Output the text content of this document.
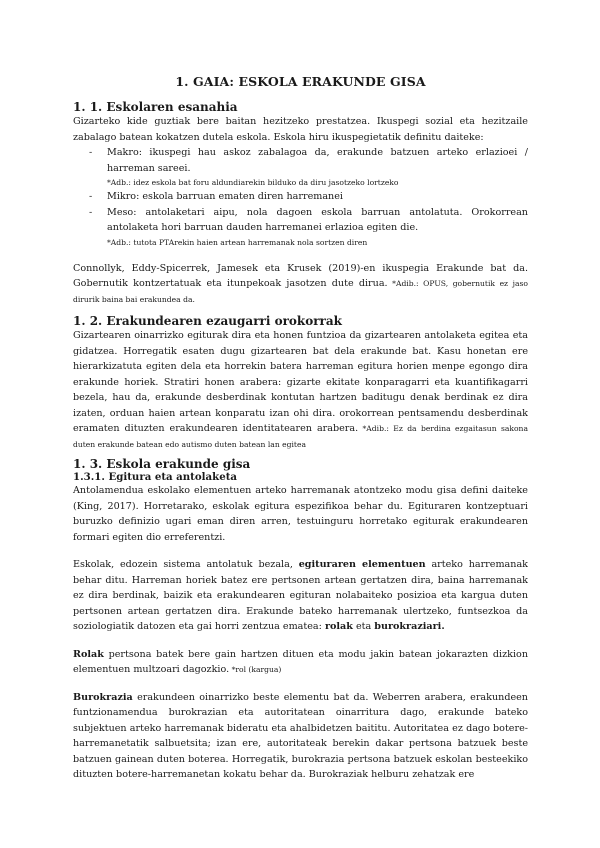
1. GAIA: ESKOLA ERAKUNDE GISA
1. 1. Eskolaren esanahia

Gizarteko kide guztiak bere baitan hezitzeko prestatzea. Ikuspegi sozial eta hezitzaile zabalago batean kokatzen dutela eskola. Eskola hiru ikuspegietatik definitu daiteke:

- Makro: ikuspegi hau askoz zabalagoa da, erakunde batzuen arteko erlazioei / harreman sareei.
*Adb.: idez eskola bat foru aldundiarekin bilduko da diru jasotzeko lortzeko
- Mikro: eskola barruan ematen diren harremanei
- Meso: antolaketari aipu, nola dagoen eskola barruan antolatuta. Orokorrean antolaketa hori barruan dauden harremanei erlazioa egiten die.
*Adb.: tutota PTArekin haien artean harremanak nola sortzen diren

Connollyk, Eddy-Spicerrek, Jamesek eta Krusek (2019)-en ikuspegia Erakunde bat da. Gobernutik kontzertatuak eta itunpekoak jasotzen dute dirua. *Adib.: OPUS, gobernutik ez jaso dirurik baina bai erakundea da.

1. 2. Erakundearen ezaugarri orokorrak

Gizartearen oinarrizko egiturak dira eta honen funtzioa da gizartearen antolaketa egitea eta gidatzea. Horregatik esaten dugu gizartearen bat dela erakunde bat. Kasu honetan ere hierarkizatuta egiten dela eta horrekin batera harreman egitura horien menpe egongo dira erakunde horiek. Stratiri honen arabera: gizarte ekitate konparagarri eta kuantifikagarri bezela, hau da, erakunde desberdinak kontutan hartzen baditugu denak berdinak ez dira izaten, orduan haien artean konparatu izan ohi dira. orokorrean pentsamendu desberdinak eramaten dituzten erakundearen identitatearen arabera. *Adib.: Ez da berdina ezgaitasun sakona duten erakunde batean edo autismo duten batean lan egitea

1. 3. Eskola erakunde gisa
1.3.1. Egitura eta antolaketa

Antolamendua eskolako elementuen arteko harremanak atontzeko modu gisa defini daiteke (King, 2017). Horretarako, eskolak egitura espezifikoa behar du. Egituraren kontzeptuari buruzko definizio ugari eman diren arren, testuinguru horretako egiturak erakundearen formari egiten dio erreferentzi.

Eskolak, edozein sistema antolatuk bezala, egituraren elementuen arteko harremanak behar ditu. Harreman horiek batez ere pertsonen artean gertatzen dira, baina harremanak ez dira berdinak, baizik eta erakundearen egituran nolabaiteko posizioa eta kargua duten pertsonen artean gertatzen dira. Erakunde bateko harremanak ulertzeko, funtsezkoa da soziologiatik datozen eta gai horri zentzua ematea: rolak eta burokraziari.

Rolak pertsona batek bere gain hartzen dituen eta modu jakin batean jokarazten dizkion elementuen multzoari dagozkio. *rol (kargua)

Burokrazia erakundeen oinarrizko beste elementu bat da. Weberren arabera, erakundeen funtzionamendua burokrazian eta autoritatean oinarritura dago, erakunde bateko subjektuen arteko harremanak bideratu eta ahalbidetzen baititu. Autoritatea ez dago botere-harremanetatik salbuetsita; izan ere, autoritateak berekin dakar pertsona batzuek beste batzuen gainean duten boterea. Horregatik, burokrazia pertsona batzuek eskolan besteekiko dituzten botere-harremanetan kokatu behar da. Burokraziak helburu zehatzak ere
